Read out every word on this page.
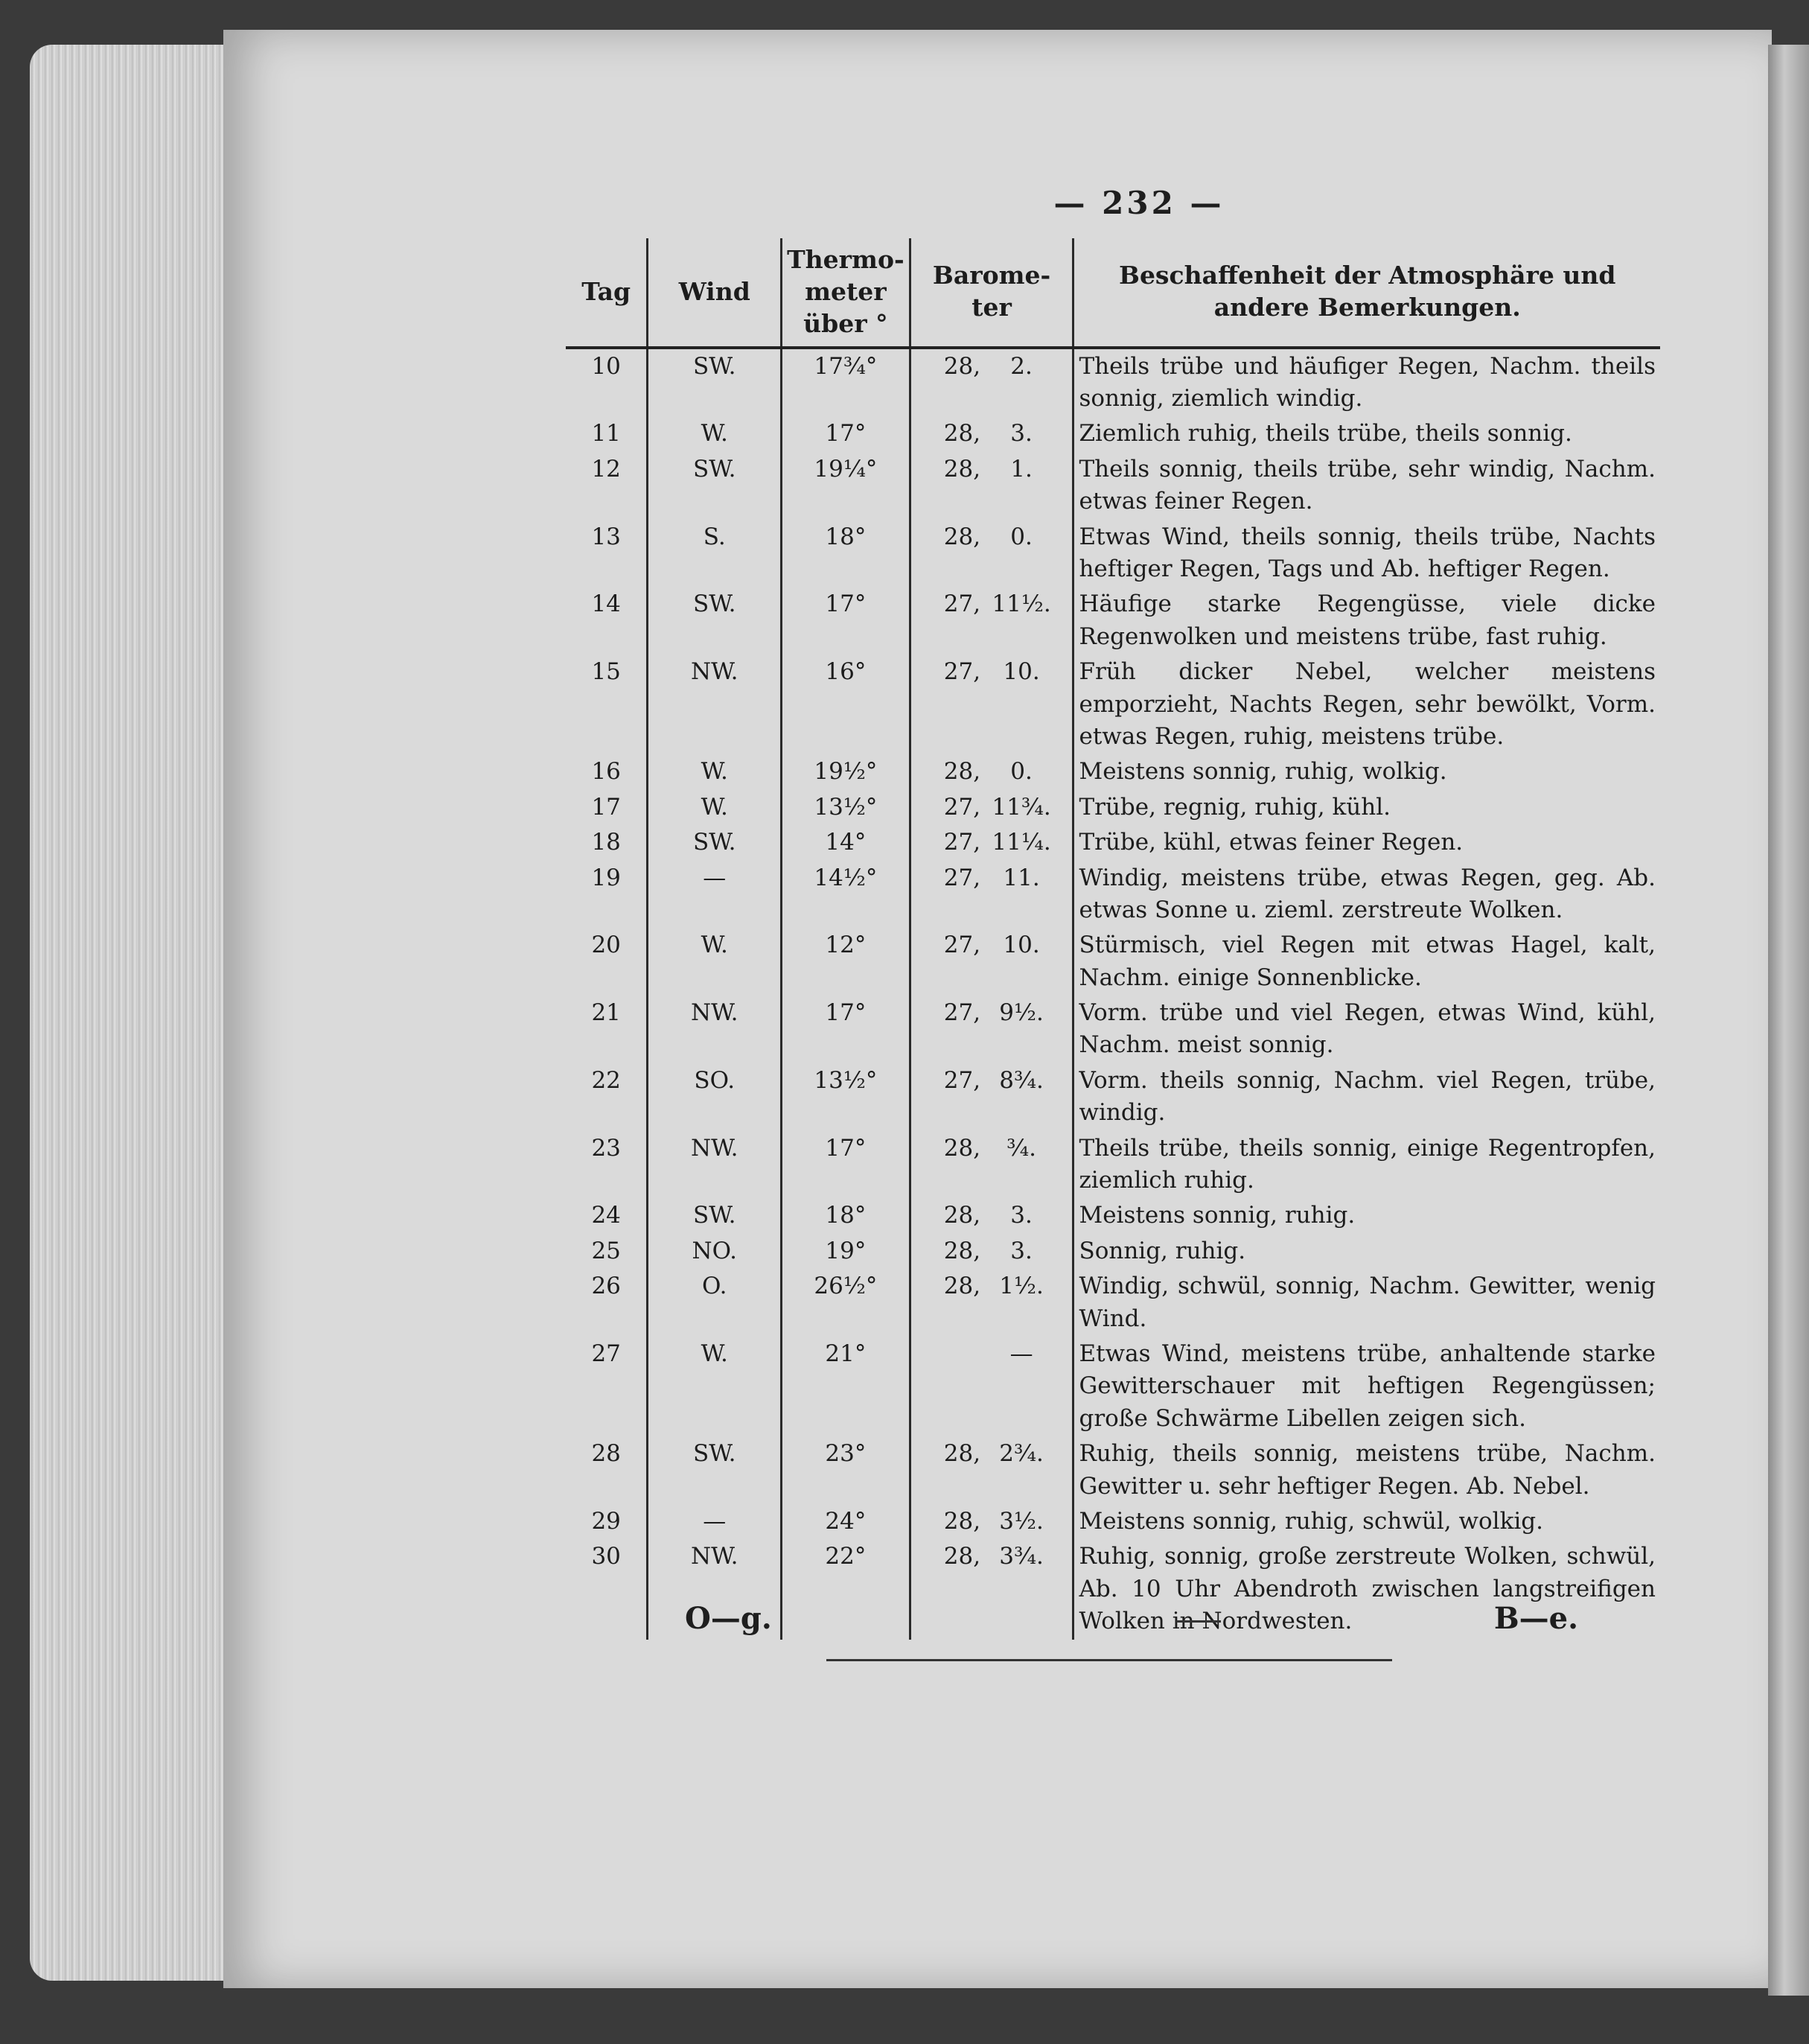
— 232 —
Tag	Wind	Thermo-meter über °	Barome-ter	Beschaffenheit der Atmosphäre und andere Bemerkungen.
10	SW.	17¾°	28, 2.	Theils trübe und häufiger Regen, Nachm. theils sonnig, ziemlich windig.
11	W.	17°	28, 3.	Ziemlich ruhig, theils trübe, theils sonnig.
12	SW.	19¼°	28, 1.	Theils sonnig, theils trübe, sehr windig, Nachm. etwas feiner Regen.
13	S.	18°	28, 0.	Etwas Wind, theils sonnig, theils trübe, Nachts heftiger Regen, Tags und Ab. heftiger Regen.
14	SW.	17°	27, 11½.	Häufige starke Regengüsse, viele dicke Regenwolken und meistens trübe, fast ruhig.
15	NW.	16°	27, 10.	Früh dicker Nebel, welcher meistens emporzieht, Nachts Regen, sehr bewölkt, Vorm. etwas Regen, ruhig, meistens trübe.
16	W.	19½°	28, 0.	Meistens sonnig, ruhig, wolkig.
17	W.	13½°	27, 11¾.	Trübe, regnig, ruhig, kühl.
18	SW.	14°	27, 11¼.	Trübe, kühl, etwas feiner Regen.
19	—	14½°	27, 11.	Windig, meistens trübe, etwas Regen, geg. Ab. etwas Sonne u. zieml. zerstreute Wolken.
20	W.	12°	27, 10.	Stürmisch, viel Regen mit etwas Hagel, kalt, Nachm. einige Sonnenblicke.
21	NW.	17°	27, 9½.	Vorm. trübe und viel Regen, etwas Wind, kühl, Nachm. meist sonnig.
22	SO.	13½°	27, 8¾.	Vorm. theils sonnig, Nachm. viel Regen, trübe, windig.
23	NW.	17°	28, ¾.	Theils trübe, theils sonnig, einige Regentropfen, ziemlich ruhig.
24	SW.	18°	28, 3.	Meistens sonnig, ruhig.
25	NO.	19°	28, 3.	Sonnig, ruhig.
26	O.	26½°	28, 1½.	Windig, schwül, sonnig, Nachm. Gewitter, wenig Wind.
27	W.	21°	—	Etwas Wind, meistens trübe, anhaltende starke Gewitterschauer mit heftigen Regengüssen; große Schwärme Libellen zeigen sich.
28	SW.	23°	28, 2¾.	Ruhig, theils sonnig, meistens trübe, Nachm. Gewitter u. sehr heftiger Regen. Ab. Nebel.
29	—	24°	28, 3½.	Meistens sonnig, ruhig, schwül, wolkig.
30	NW.	22°	28, 3¾.	Ruhig, sonnig, große zerstreute Wolken, schwül, Ab. 10 Uhr Abendroth zwischen langstreifigen Wolken in Nordwesten.
O—g.	B—e.
